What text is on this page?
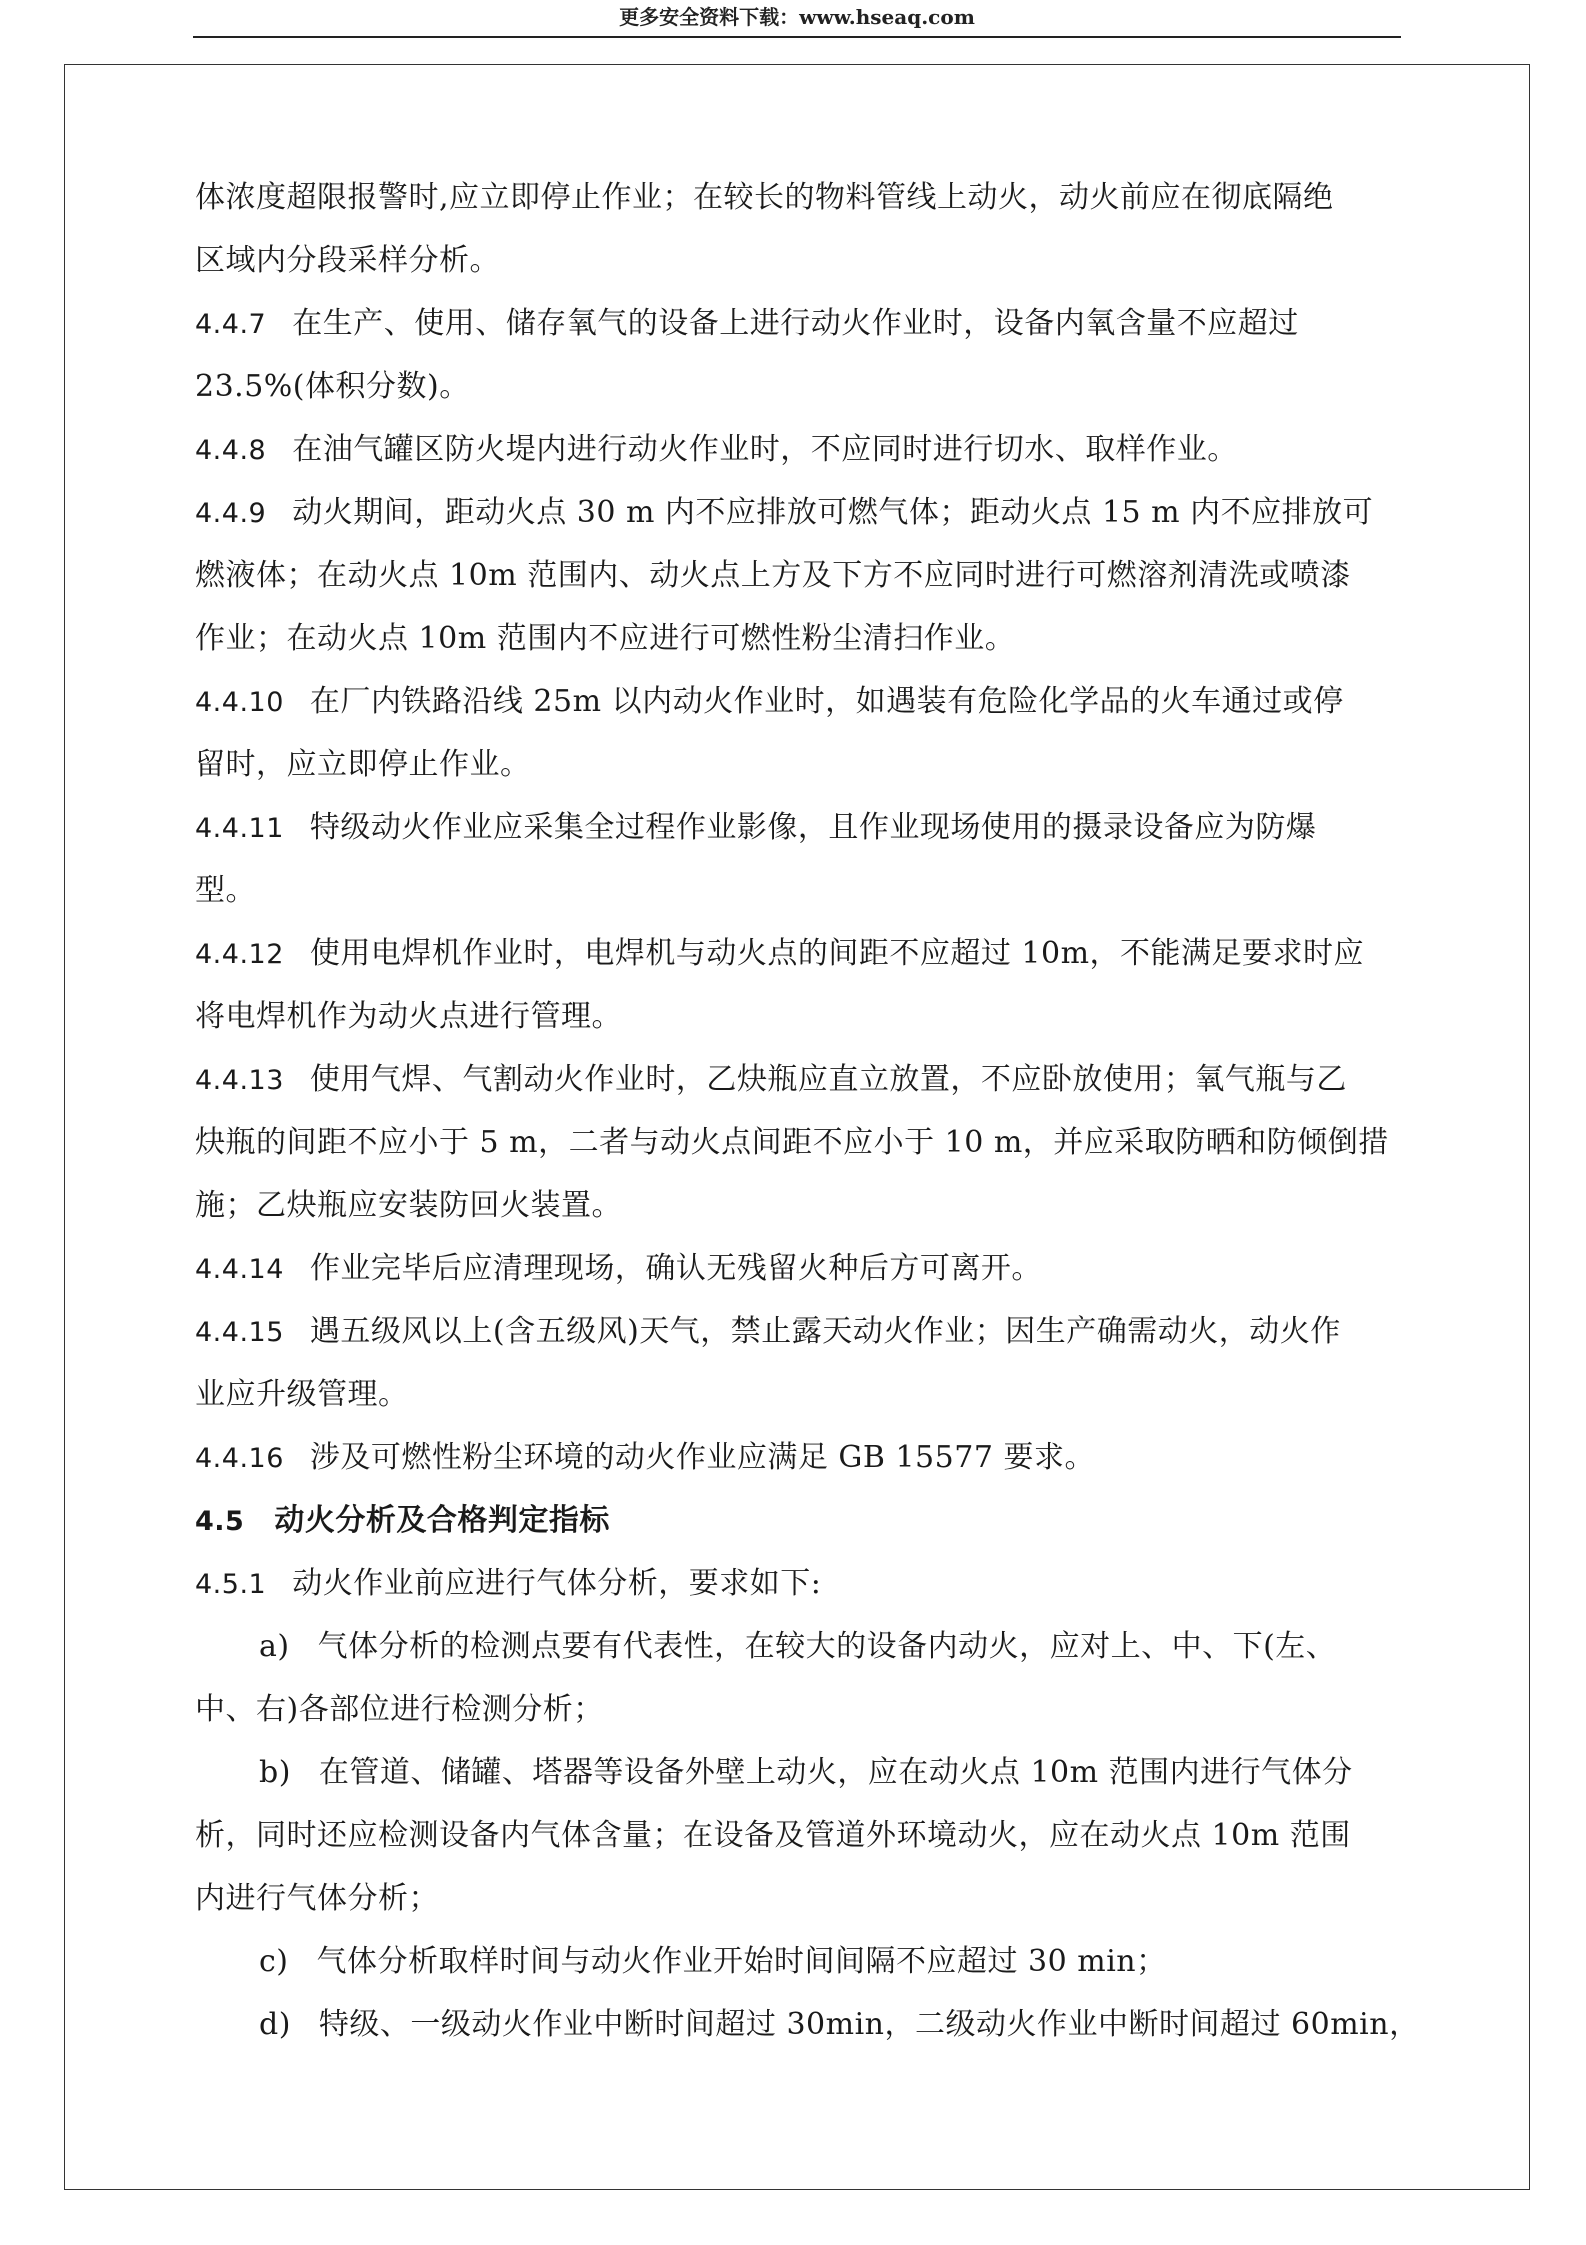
更多安全资料下载：www.hseaq.com
体浓度超限报警时,应立即停止作业；在较长的物料管线上动火，动火前应在彻底隔绝
区域内分段采样分析。
4.4.7 在生产、使用、储存氧气的设备上进行动火作业时，设备内氧含量不应超过
23.5%(体积分数)。
4.4.8 在油气罐区防火堤内进行动火作业时，不应同时进行切水、取样作业。
4.4.9 动火期间，距动火点 30 m 内不应排放可燃气体；距动火点 15 m 内不应排放可
燃液体；在动火点 10m 范围内、动火点上方及下方不应同时进行可燃溶剂清洗或喷漆
作业；在动火点 10m 范围内不应进行可燃性粉尘清扫作业。
4.4.10 在厂内铁路沿线 25m 以内动火作业时，如遇装有危险化学品的火车通过或停
留时，应立即停止作业。
4.4.11 特级动火作业应采集全过程作业影像，且作业现场使用的摄录设备应为防爆
型。
4.4.12 使用电焊机作业时，电焊机与动火点的间距不应超过 10m，不能满足要求时应
将电焊机作为动火点进行管理。
4.4.13 使用气焊、气割动火作业时，乙炔瓶应直立放置，不应卧放使用；氧气瓶与乙
炔瓶的间距不应小于 5 m，二者与动火点间距不应小于 10 m，并应采取防晒和防倾倒措
施；乙炔瓶应安装防回火装置。
4.4.14 作业完毕后应清理现场，确认无残留火种后方可离开。
4.4.15 遇五级风以上(含五级风)天气，禁止露天动火作业；因生产确需动火，动火作
业应升级管理。
4.4.16 涉及可燃性粉尘环境的动火作业应满足 GB 15577 要求。
4.5 动火分析及合格判定指标
4.5.1 动火作业前应进行气体分析，要求如下:
a) 气体分析的检测点要有代表性，在较大的设备内动火，应对上、中、下(左、
中、右)各部位进行检测分析；
b) 在管道、储罐、塔器等设备外壁上动火，应在动火点 10m 范围内进行气体分
析，同时还应检测设备内气体含量；在设备及管道外环境动火，应在动火点 10m 范围
内进行气体分析；
c) 气体分析取样时间与动火作业开始时间间隔不应超过 30 min；
d) 特级、一级动火作业中断时间超过 30min，二级动火作业中断时间超过 60min，
